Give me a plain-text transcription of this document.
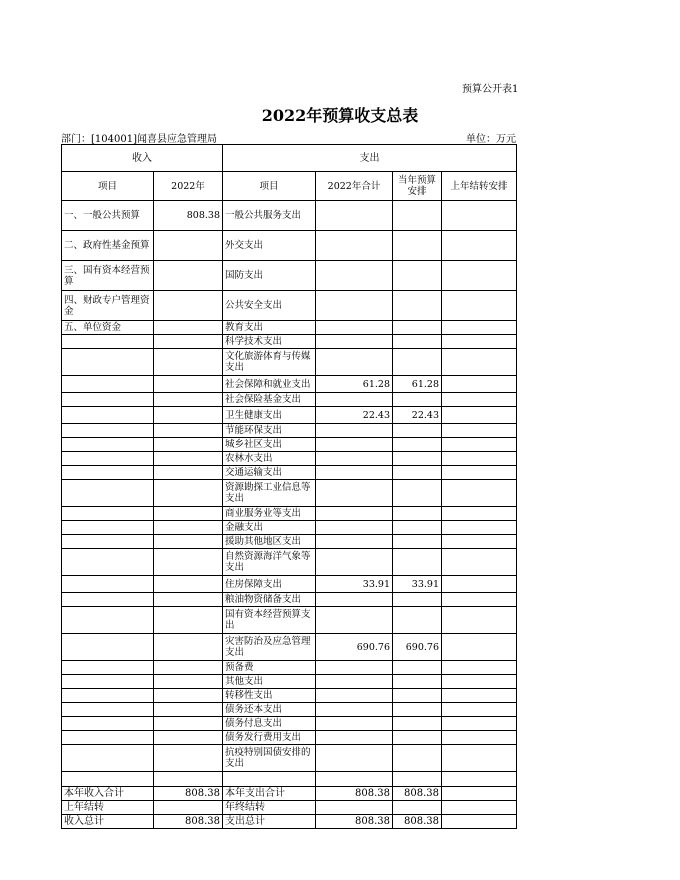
预算公开表1
2022年预算收支总表
部门：[104001]闻喜县应急管理局	单位：万元
收入		支出			
项目	2022年	项目	2022年合计	当年预算安排	上年结转安排
一、一般公共预算	808.38	一般公共服务支出			
二、政府性基金预算		外交支出			
三、国有资本经营预算		国防支出			
四、财政专户管理资金		公共安全支出			
五、单位资金		教育支出			
		科学技术支出			
		文化旅游体育与传媒支出			
		社会保障和就业支出	61.28	61.28	
		社会保险基金支出			
		卫生健康支出	22.43	22.43	
		节能环保支出			
		城乡社区支出			
		农林水支出			
		交通运输支出			
		资源勘探工业信息等支出			
		商业服务业等支出			
		金融支出			
		援助其他地区支出			
		自然资源海洋气象等支出			
		住房保障支出	33.91	33.91	
		粮油物资储备支出			
		国有资本经营预算支出			
		灾害防治及应急管理支出	690.76	690.76	
		预备费			
		其他支出			
		转移性支出			
		债务还本支出			
		债务付息支出			
		债务发行费用支出			
		抗疫特别国债安排的支出			

本年收入合计	808.38	本年支出合计	808.38	808.38	
上年结转		年终结转			
收入总计	808.38	支出总计	808.38	808.38	
